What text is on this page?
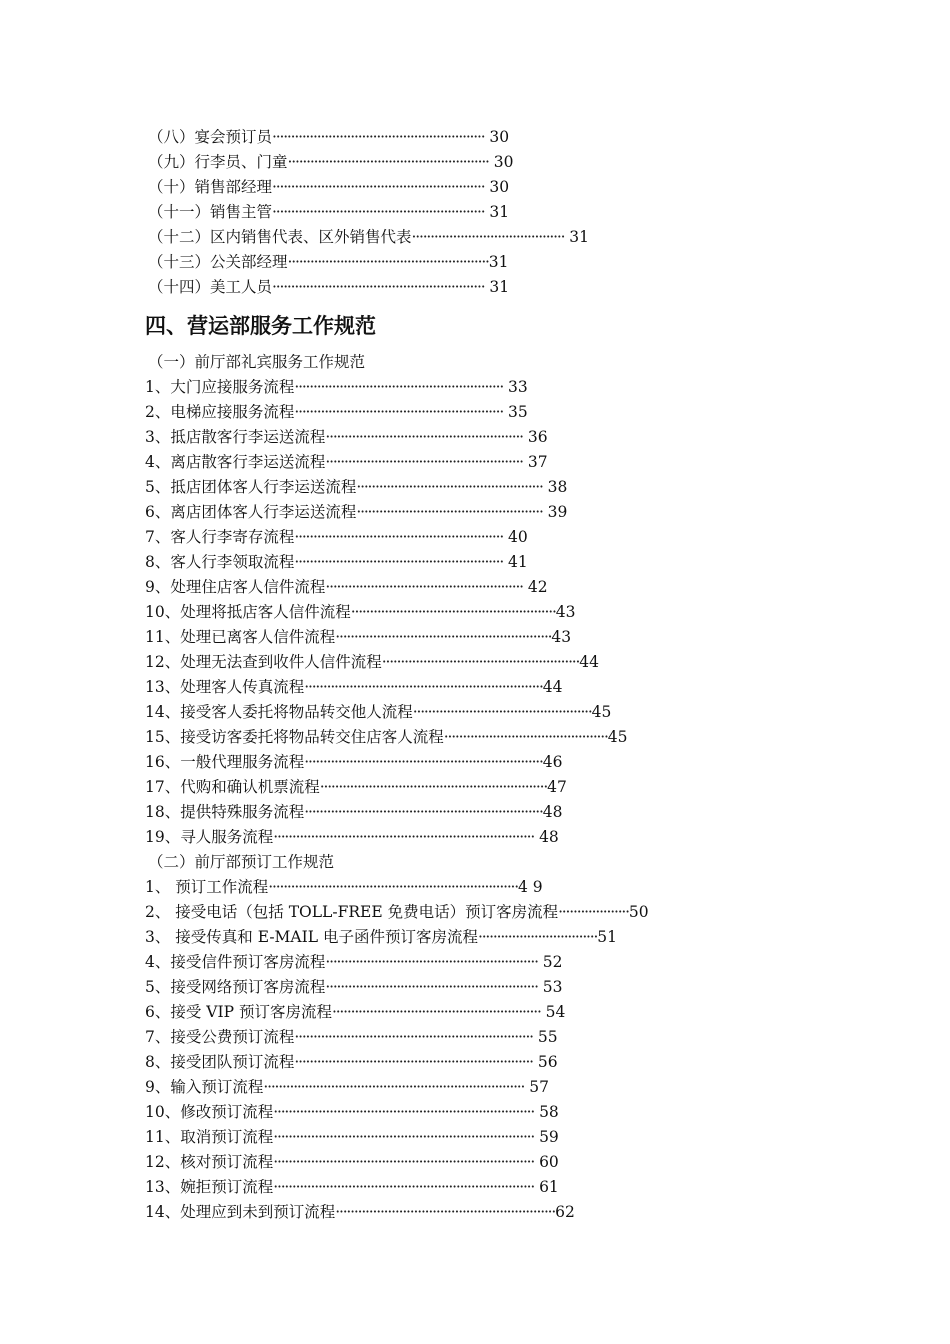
（八）宴会预订员························································· 30
（九）行李员、门童······················································ 30
（十）销售部经理························································· 30
（十一）销售主管························································· 31
（十二）区内销售代表、区外销售代表········································· 31
（十三）公关部经理······················································31
（十四）美工人员························································· 31
四、营运部服务工作规范
（一）前厅部礼宾服务工作规范
1、大门应接服务流程························································ 33
2、电梯应接服务流程························································ 35
3、抵店散客行李运送流程····················································· 36
4、离店散客行李运送流程····················································· 37
5、抵店团体客人行李运送流程·················································· 38
6、离店团体客人行李运送流程·················································· 39
7、客人行李寄存流程························································ 40
8、客人行李领取流程························································ 41
9、处理住店客人信件流程····················································· 42
10、处理将抵店客人信件流程·······················································43
11、处理已离客人信件流程··························································43
12、处理无法查到收件人信件流程·····················································44
13、处理客人传真流程································································44
14、接受客人委托将物品转交他人流程················································45
15、接受访客委托将物品转交住店客人流程············································45
16、一般代理服务流程································································46
17、代购和确认机票流程·····························································47
18、提供特殊服务流程································································48
19、寻人服务流程······································································ 48
（二）前厅部预订工作规范
1、 预订工作流程···································································4 9
2、 接受电话（包括 TOLL-FREE 免费电话）预订客房流程···················50
3、 接受传真和 E-MAIL 电子函件预订客房流程································51
4、接受信件预订客房流程························································· 52
5、接受网络预订客房流程························································· 53
6、接受 VIP 预订客房流程························································ 54
7、接受公费预订流程································································ 55
8、接受团队预订流程································································ 56
9、输入预订流程······································································ 57
10、修改预订流程······································································ 58
11、取消预订流程······································································ 59
12、核对预订流程······································································ 60
13、婉拒预订流程······································································ 61
14、处理应到未到预订流程···························································62
